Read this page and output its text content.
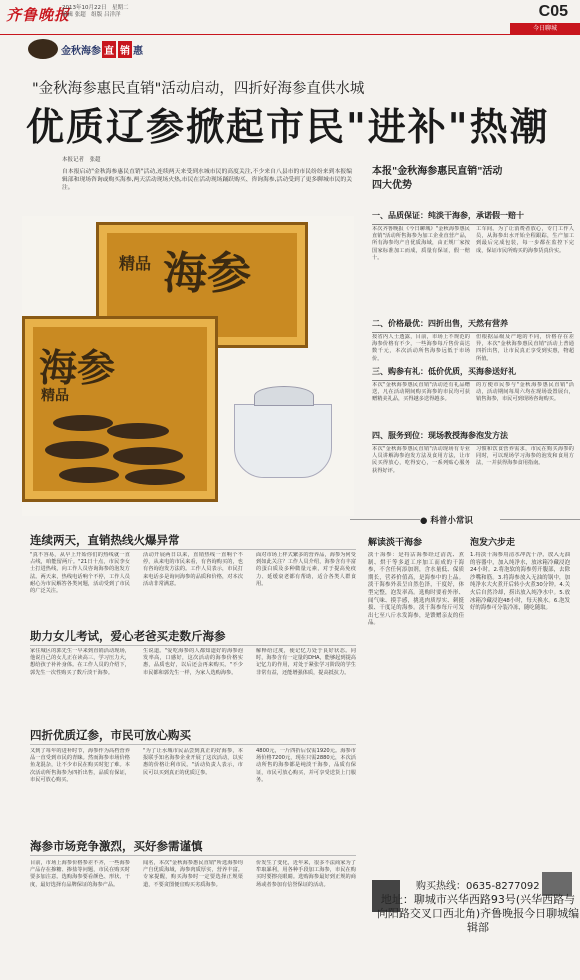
齐鲁晚报
2013年10月22日　星期二
编辑 张超　组版 吕洋洋	C05
今日聊城
金秋海参 直 销 惠
"金秋海参惠民直销"活动启动，四折好海参直供水城
优质辽参掀起市民"进补"热潮
本报记者　张超
自本报启动"金秋海参惠民直销"活动,连续两天来受到水城市民的高度关注,不少来自八县市的市民纷纷来到本报编辑部和现场咨询或购买海参,两天活动现场火热,市民在活动现场踊跃购买、咨询海参,活动受到了更多聊城市民的关注。
精品 海参
海参
精品
本报"金秋海参惠民直销"活动
四大优势
一、品质保证：纯淡干海参，承诺假一赔十
本次齐鲁晚报《今日聊城》"金秋海参惠民直销"活动所售海参为加工企业直营产品，所有海参均产自优质海域，由正规厂家按国家标准加工而成，质量有保证，假一赔十。
工车间。为了让消费者放心，专门工作人员，从海参出水开始全程跟踪，生产加工到最后完成包装，每一步都在监控下完成，保证市民所购买的海参货真价实。
二、价格最优：四折出售，天然有营养
按省内人士透露，目前，市场上不规范的海参价格有不少，一些海参每斤售价高达数千元，本次活动所售海参远低于市场价。
但根据品级及产地的不同，价格存在差异，本次"金秋海参惠民直销"活动上普通四折出售，让市民真正享受到实惠，物超所值。
三、购参有礼：低价优质，买海参送好礼
本次"金秋海参惠民直销"活动还有礼品赠送，凡在活动期间购买海参的市民均可获赠精美礼品，买得越多送得越多。
的方便市民参与"金秋海参惠民直销"活动，活动期间每周六均在现场设置展台，销售海参，市民可到现场咨询购买。
四、服务到位：现场教授海参泡发方法
本次"金秋海参惠民直销"活动现场有专业人员讲解海参泡发方法及食用方法，让市民买得放心，吃得安心，一系列贴心服务获得好评。
习惯和饮食营养需求，市民在购买海参的同时，可以现场学习海参的泡发和食用方法，一并获得海参食用指南。
● 科普小常识
解读淡干海参
淡干海参：是将活海参经过清洗、煮制、烘干等多道工序加工而成的干海参，不含任何添加剂，含水量低、保质期长，营养价值高，是海参中的上品。淡干海参外表呈自然色泽，干度好，体型完整，泡发率高。选购时要看外形、闻气味、摸手感，挑选肉质厚实、刺挺拔、干度足的海参。淡干海参每斤可发出七至八斤水发海参，是馈赠亲友的佳品。
泡发六步走
1.将淡干海参用清水冲洗干净，放入无油的容器中，加入纯净水，放冰箱冷藏浸泡24小时。2.将泡软的海参剪开腹部，去除沙嘴和筋。3.将海参放入无油的锅中，加纯净水大火煮开后转小火煮30分钟。4.关火后自然冷却，捞出放入纯净水中。5.放冰箱冷藏浸泡48小时，每天换水。6.泡发好的海参可分装冷冻，随吃随取。
连续两天，直销热线火爆异常
"真不容易，从早上开始你们的热线就一直占线，咱能留两斤。"21日十点，市民李女士打进热线，向工作人员咨询海参的泡发方法。两天来，热线电话响个不停，工作人员耐心为市民解答各类问题，活动受到了市民的广泛关注。
活动开展两日以来，直销热线一直响个不停，从来电的市民来看，有咨询购买的，也有咨询泡发方法的。工作人员表示，市民打来电话多是询问海参的品质和价格，对本次活动非常满意。
面对市场上样式繁多的营养品，海参为何受到如此关注？工作人员介绍，海参含有丰富的蛋白质及多种微量元素，对于提高免疫力、延缓衰老都有帮助，适合各类人群食用。
助力女儿考试，爱心老爸买走数斤海参
家住城区的郭先生一早来到直销活动现场，他说自己的女儿正在读高三，学习压力大，想给孩子补补身体。在工作人员的介绍下，郭先生一次性购买了数斤淡干海参。
生说道。"爱吃海参的人都知道好的海参泡发率高，口感好，这次活动的海参价格实惠，品质也好，以后还会再来购买。"不少市民都和郭先生一样，为家人选购海参。
解释给过度，使记忆力处于良好状态。同时，海参含有一定量的DHA，能够起到提高记忆力的作用，对处于紧张学习阶段的学生非常有益，还能增强体质，提高抵抗力。
四折优质辽参，市民可放心购买
又到了每年的进补时节，海参作为高档营养品一直受到市民的青睐。然而海参市场价格鱼龙混杂，让不少市民在购买时犯了难。本次活动所售海参为四折出售，品质有保证，市民可放心购买。
"为了让水城市民品尝到真正的好海参，本报联手知名海参企业开展了这次活动，以实惠的价格让利市民。"活动负责人表示，市民可以买到真正的优质辽参。
4800元，一斤四折后仅需1920元。海参市场价格7200元，现在只需2880元，本次活动所售的海参都是纯淡干海参，品质有保证，市民可放心购买，并可享受送货上门服务。
海参市场竞争激烈，买好参需谨慎
目前，市场上海参价格参差不齐，一些海参产品存在掺糖、掺盐等问题，市民在购买时要多加注意。选购海参要看颜色、形状、干度，最好选择有品牌保证的海参产品。
闻名，本次"金秋海参惠民直销"所选海参均产自优质海域，海参肉质厚实，营养丰富。专家提醒，购买海参时一定要选择正规渠道，不要贪图便宜购买劣质海参。
价发生了变化，近年来，很多不法商家为了牟取暴利，用各种手段加工海参，市民在购买时要擦亮眼睛。选购海参最好到正规的商场或者参加有信誉保证的活动。	购买热线：0635-8277092
地址：聊城市兴华西路93号(兴华西路与向阳路交叉口西北角)齐鲁晚报今日聊城编辑部
